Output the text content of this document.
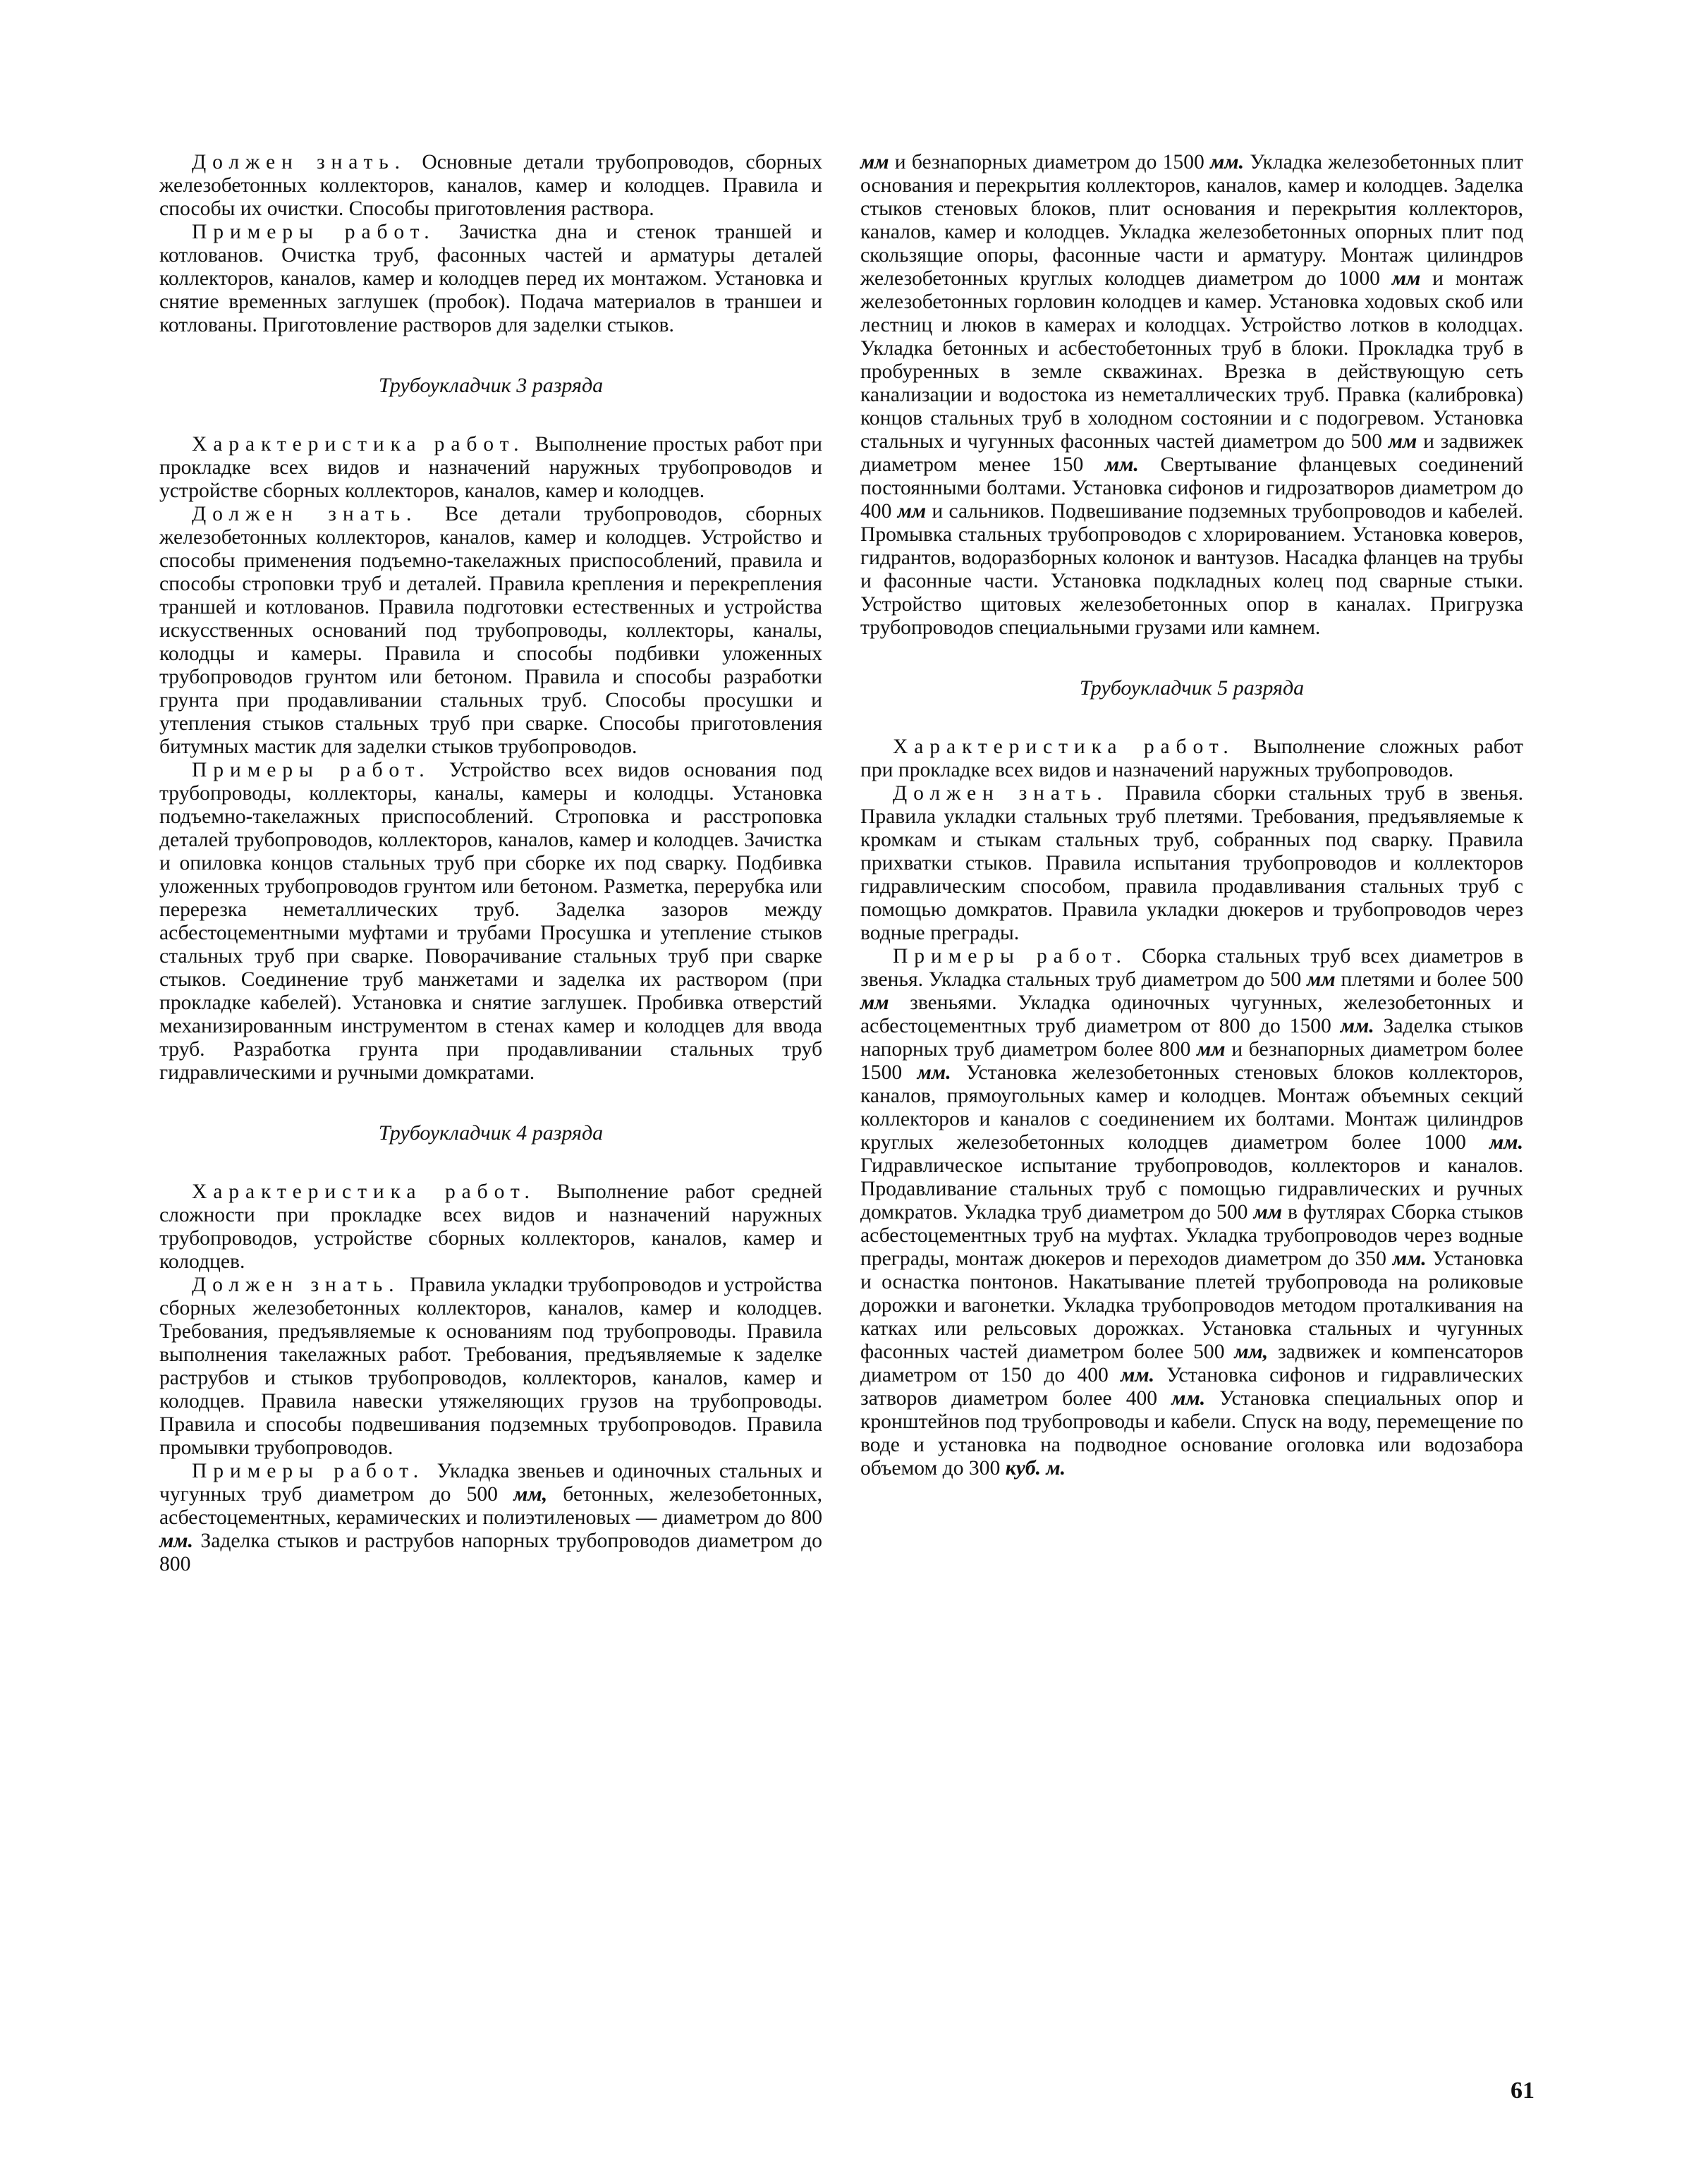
Должен знать. Основные детали трубопроводов, сборных железобетонных коллекторов, каналов, камер и колодцев. Правила и способы их очистки. Способы приготовления раствора.

Примеры работ. Зачистка дна и стенок траншей и котлованов. Очистка труб, фасонных частей и арматуры деталей коллекторов, каналов, камер и колодцев перед их монтажом. Установка и снятие временных заглушек (пробок). Подача материалов в траншеи и котлованы. Приготовление растворов для заделки стыков.

Трубоукладчик 3 разряда

Характеристика работ. Выполнение простых работ при прокладке всех видов и назначений наружных трубопроводов и устройстве сборных коллекторов, каналов, камер и колодцев.

Должен знать. Все детали трубопроводов, сборных железобетонных коллекторов, каналов, камер и колодцев. Устройство и способы применения подъемно-такелажных приспособлений, правила и способы строповки труб и деталей. Правила крепления и перекрепления траншей и котлованов. Правила подготовки естественных и устройства искусственных оснований под трубопроводы, коллекторы, каналы, колодцы и камеры. Правила и способы подбивки уложенных трубопроводов грунтом или бетоном. Правила и способы разработки грунта при продавливании стальных труб. Способы просушки и утепления стыков стальных труб при сварке. Способы приготовления битумных мастик для заделки стыков трубопроводов.

Примеры работ. Устройство всех видов основания под трубопроводы, коллекторы, каналы, камеры и колодцы. Установка подъемно-такелажных приспособлений. Строповка и расстроповка деталей трубопроводов, коллекторов, каналов, камер и колодцев. Зачистка и опиловка концов стальных труб при сборке их под сварку. Подбивка уложенных трубопроводов грунтом или бетоном. Разметка, перерубка или перерезка неметаллических труб. Заделка зазоров между асбестоцементными муфтами и трубами Просушка и утепление стыков стальных труб при сварке. Поворачивание стальных труб при сварке стыков. Соединение труб манжетами и заделка их раствором (при прокладке кабелей). Установка и снятие заглушек. Пробивка отверстий механизированным инструментом в стенах камер и колодцев для ввода труб. Разработка грунта при продавливании стальных труб гидравлическими и ручными домкратами.

Трубоукладчик 4 разряда

Характеристика работ. Выполнение работ средней сложности при прокладке всех видов и назначений наружных трубопроводов, устройстве сборных коллекторов, каналов, камер и колодцев.

Должен знать. Правила укладки трубопроводов и устройства сборных железобетонных коллекторов, каналов, камер и колодцев. Требования, предъявляемые к основаниям под трубопроводы. Правила выполнения такелажных работ. Требования, предъявляемые к заделке раструбов и стыков трубопроводов, коллекторов, каналов, камер и колодцев. Правила навески утяжеляющих грузов на трубопроводы. Правила и способы подвешивания подземных трубопроводов. Правила промывки трубопроводов.

Примеры работ. Укладка звеньев и одиночных стальных и чугунных труб диаметром до 500 мм, бетонных, железобетонных, асбестоцементных, керамических и полиэтиленовых — диаметром до 800 мм. Заделка стыков и раструбов напорных трубопроводов диаметром до 800

мм и безнапорных диаметром до 1500 мм. Укладка железобетонных плит основания и перекрытия коллекторов, каналов, камер и колодцев. Заделка стыков стеновых блоков, плит основания и перекрытия коллекторов, каналов, камер и колодцев. Укладка железобетонных опорных плит под скользящие опоры, фасонные части и арматуру. Монтаж цилиндров железобетонных круглых колодцев диаметром до 1000 мм и монтаж железобетонных горловин колодцев и камер. Установка ходовых скоб или лестниц и люков в камерах и колодцах. Устройство лотков в колодцах. Укладка бетонных и асбестобетонных труб в блоки. Прокладка труб в пробуренных в земле скважинах. Врезка в действующую сеть канализации и водостока из неметаллических труб. Правка (калибровка) концов стальных труб в холодном состоянии и с подогревом. Установка стальных и чугунных фасонных частей диаметром до 500 мм и задвижек диаметром менее 150 мм. Свертывание фланцевых соединений постоянными болтами. Установка сифонов и гидрозатворов диаметром до 400 мм и сальников. Подвешивание подземных трубопроводов и кабелей. Промывка стальных трубопроводов с хлорированием. Установка коверов, гидрантов, водоразборных колонок и вантузов. Насадка фланцев на трубы и фасонные части. Установка подкладных колец под сварные стыки. Устройство щитовых железобетонных опор в каналах. Пригрузка трубопроводов специальными грузами или камнем.

Трубоукладчик 5 разряда

Характеристика работ. Выполнение сложных работ при прокладке всех видов и назначений наружных трубопроводов.

Должен знать. Правила сборки стальных труб в звенья. Правила укладки стальных труб плетями. Требования, предъявляемые к кромкам и стыкам стальных труб, собранных под сварку. Правила прихватки стыков. Правила испытания трубопроводов и коллекторов гидравлическим способом, правила продавливания стальных труб с помощью домкратов. Правила укладки дюкеров и трубопроводов через водные преграды.

Примеры работ. Сборка стальных труб всех диаметров в звенья. Укладка стальных труб диаметром до 500 мм плетями и более 500 мм звеньями. Укладка одиночных чугунных, железобетонных и асбестоцементных труб диаметром от 800 до 1500 мм. Заделка стыков напорных труб диаметром более 800 мм и безнапорных диаметром более 1500 мм. Установка железобетонных стеновых блоков коллекторов, каналов, прямоугольных камер и колодцев. Монтаж объемных секций коллекторов и каналов с соединением их болтами. Монтаж цилиндров круглых железобетонных колодцев диаметром более 1000 мм. Гидравлическое испытание трубопроводов, коллекторов и каналов. Продавливание стальных труб с помощью гидравлических и ручных домкратов. Укладка труб диаметром до 500 мм в футлярах Сборка стыков асбестоцементных труб на муфтах. Укладка трубопроводов через водные преграды, монтаж дюкеров и переходов диаметром до 350 мм. Установка и оснастка понтонов. Накатывание плетей трубопровода на роликовые дорожки и вагонетки. Укладка трубопроводов методом проталкивания на катках или рельсовых дорожках. Установка стальных и чугунных фасонных частей диаметром более 500 мм, задвижек и компенсаторов диаметром от 150 до 400 мм. Установка сифонов и гидравлических затворов диаметром более 400 мм. Установка специальных опор и кронштейнов под трубопроводы и кабели. Спуск на воду, перемещение по воде и установка на подводное основание оголовка или водозабора объемом до 300 куб. м.

61
